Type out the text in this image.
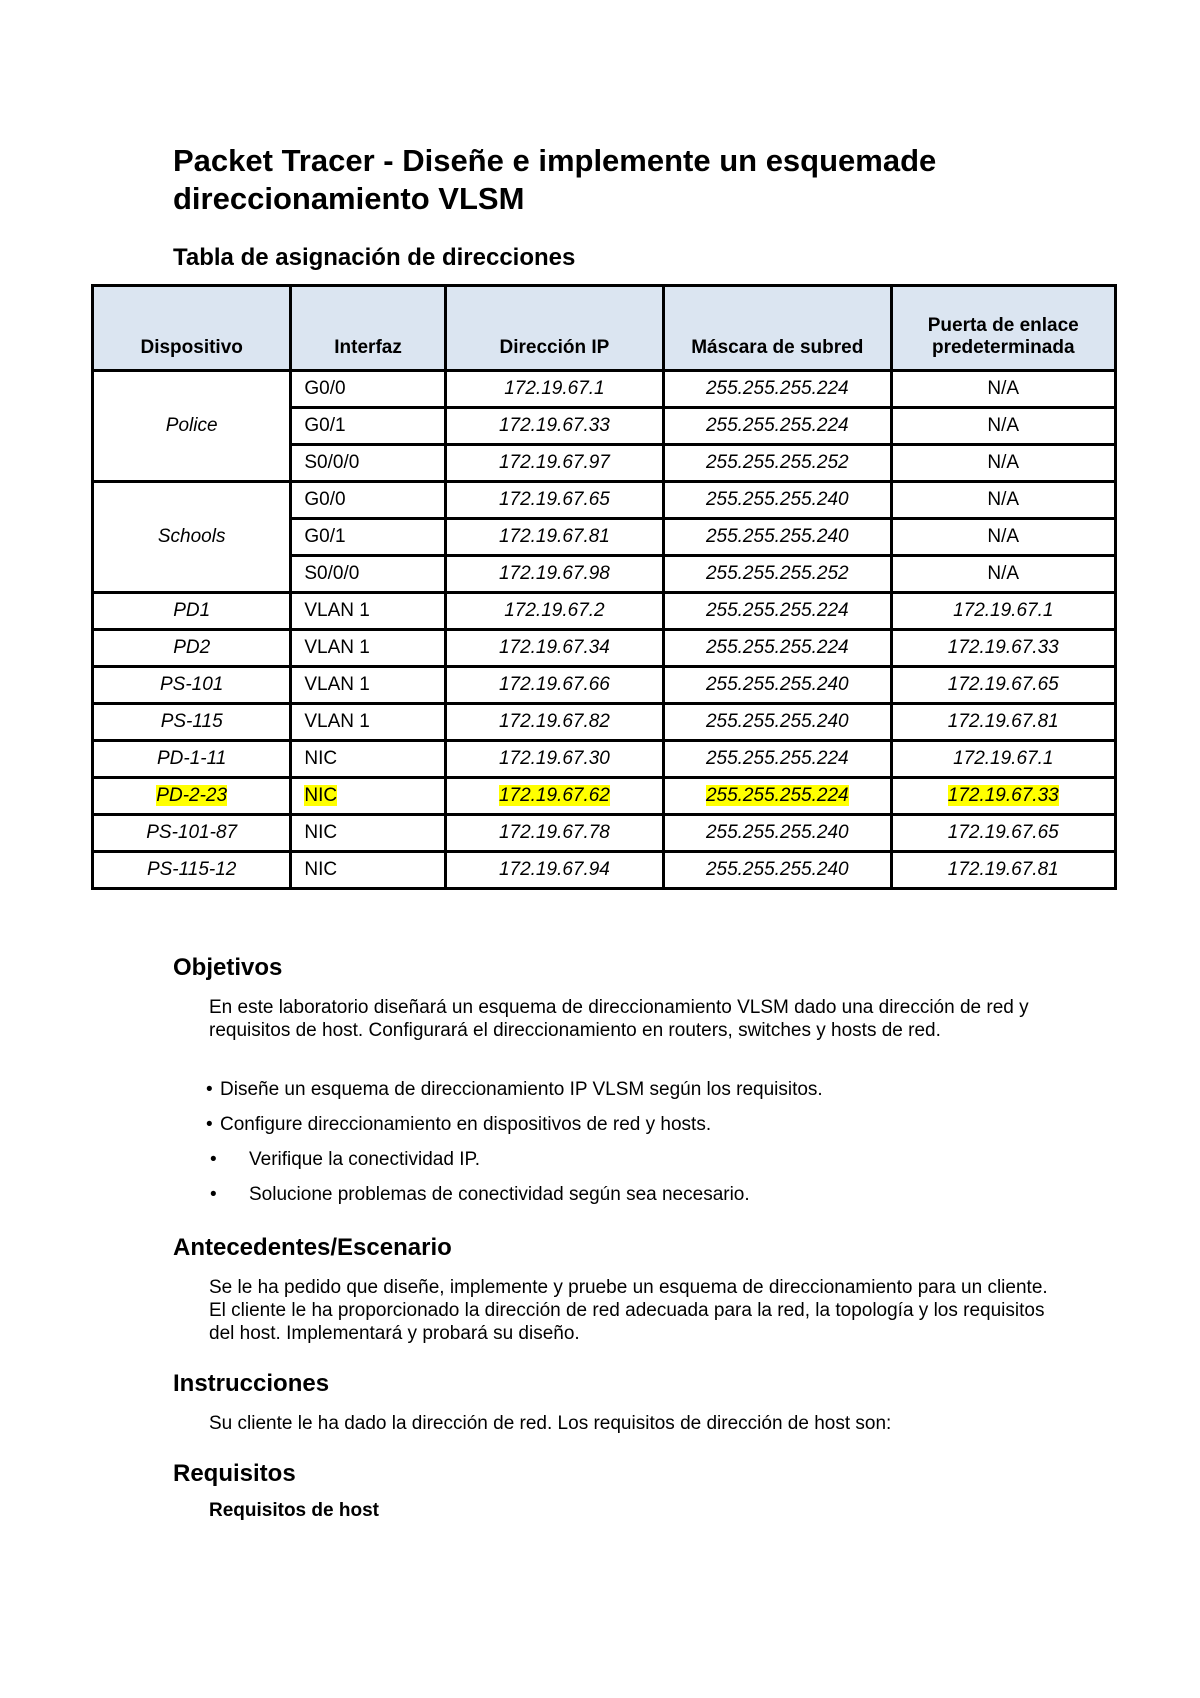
Packet Tracer - Diseñe e implemente un esquemade direccionamiento VLSM
Tabla de asignación de direcciones
Dispositivo	Interfaz	Dirección IP	Máscara de subred	Puerta de enlace predeterminada
Police	G0/0	172.19.67.1	255.255.255.224	N/A
	G0/1	172.19.67.33	255.255.255.224	N/A
	S0/0/0	172.19.67.97	255.255.255.252	N/A
Schools	G0/0	172.19.67.65	255.255.255.240	N/A
	G0/1	172.19.67.81	255.255.255.240	N/A
	S0/0/0	172.19.67.98	255.255.255.252	N/A
PD1	VLAN 1	172.19.67.2	255.255.255.224	172.19.67.1
PD2	VLAN 1	172.19.67.34	255.255.255.224	172.19.67.33
PS-101	VLAN 1	172.19.67.66	255.255.255.240	172.19.67.65
PS-115	VLAN 1	172.19.67.82	255.255.255.240	172.19.67.81
PD-1-11	NIC	172.19.67.30	255.255.255.224	172.19.67.1
PD-2-23	NIC	172.19.67.62	255.255.255.224	172.19.67.33
PS-101-87	NIC	172.19.67.78	255.255.255.240	172.19.67.65
PS-115-12	NIC	172.19.67.94	255.255.255.240	172.19.67.81
Objetivos

En este laboratorio diseñará un esquema de direccionamiento VLSM dado una dirección de red y requisitos de host. Configurará el direccionamiento en routers, switches y hosts de red.

• Diseñe un esquema de direccionamiento IP VLSM según los requisitos.
• Configure direccionamiento en dispositivos de red y hosts.
• Verifique la conectividad IP.
• Solucione problemas de conectividad según sea necesario.
Antecedentes/Escenario

Se le ha pedido que diseñe, implemente y pruebe un esquema de direccionamiento para un cliente. El cliente le ha proporcionado la dirección de red adecuada para la red, la topología y los requisitos del host. Implementará y probará su diseño.

Instrucciones

Su cliente le ha dado la dirección de red. Los requisitos de dirección de host son:

Requisitos

Requisitos de host
